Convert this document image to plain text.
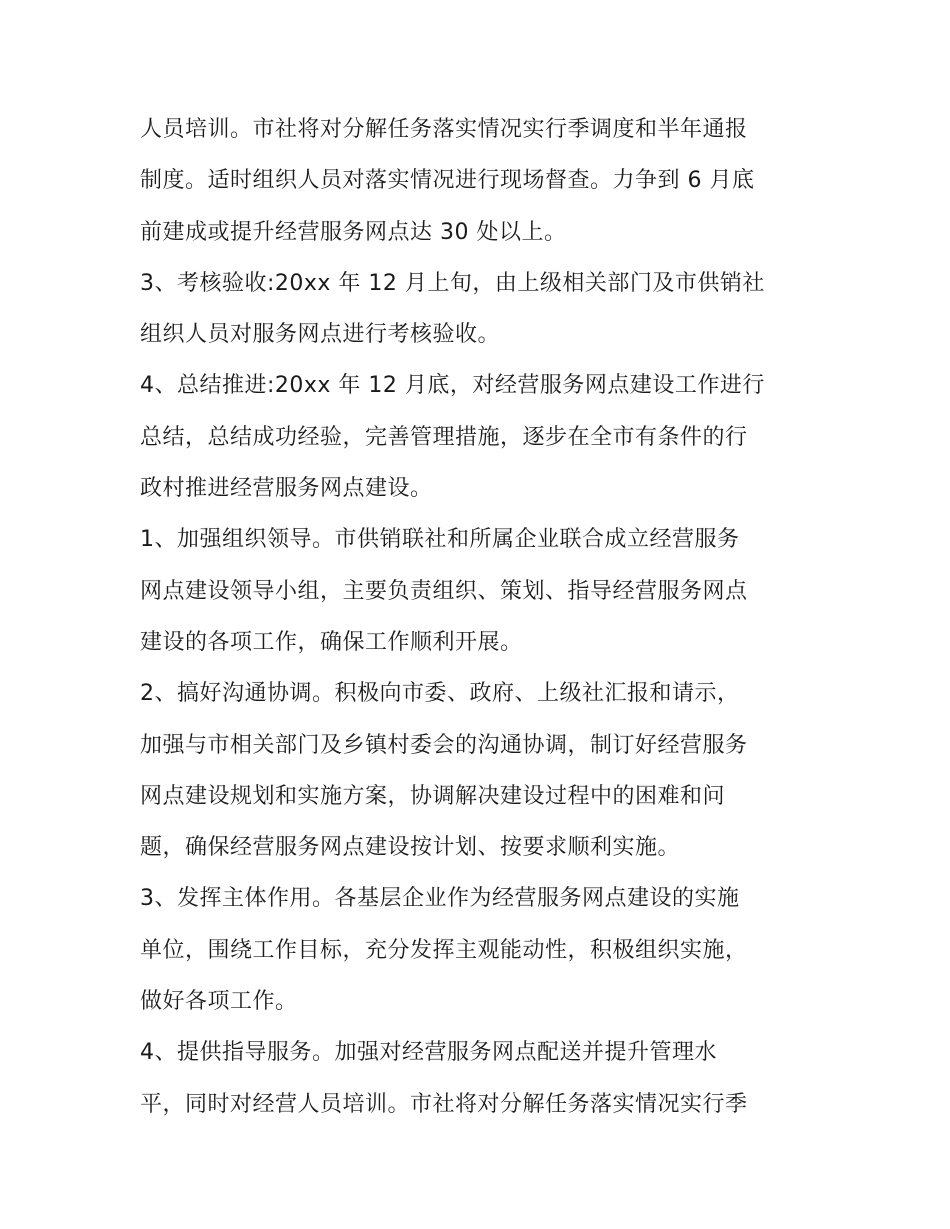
人员培训。市社将对分解任务落实情况实行季调度和半年通报
制度。适时组织人员对落实情况进行现场督查。力争到 6 月底
前建成或提升经营服务网点达 30 处以上。
3、考核验收:20xx 年 12 月上旬，由上级相关部门及市供销社
组织人员对服务网点进行考核验收。
4、总结推进:20xx 年 12 月底，对经营服务网点建设工作进行
总结，总结成功经验，完善管理措施，逐步在全市有条件的行
政村推进经营服务网点建设。
1、加强组织领导。市供销联社和所属企业联合成立经营服务
网点建设领导小组，主要负责组织、策划、指导经营服务网点
建设的各项工作，确保工作顺利开展。
2、搞好沟通协调。积极向市委、政府、上级社汇报和请示，
加强与市相关部门及乡镇村委会的沟通协调，制订好经营服务
网点建设规划和实施方案，协调解决建设过程中的困难和问
题，确保经营服务网点建设按计划、按要求顺利实施。
3、发挥主体作用。各基层企业作为经营服务网点建设的实施
单位，围绕工作目标，充分发挥主观能动性，积极组织实施，
做好各项工作。
4、提供指导服务。加强对经营服务网点配送并提升管理水
平，同时对经营人员培训。市社将对分解任务落实情况实行季
